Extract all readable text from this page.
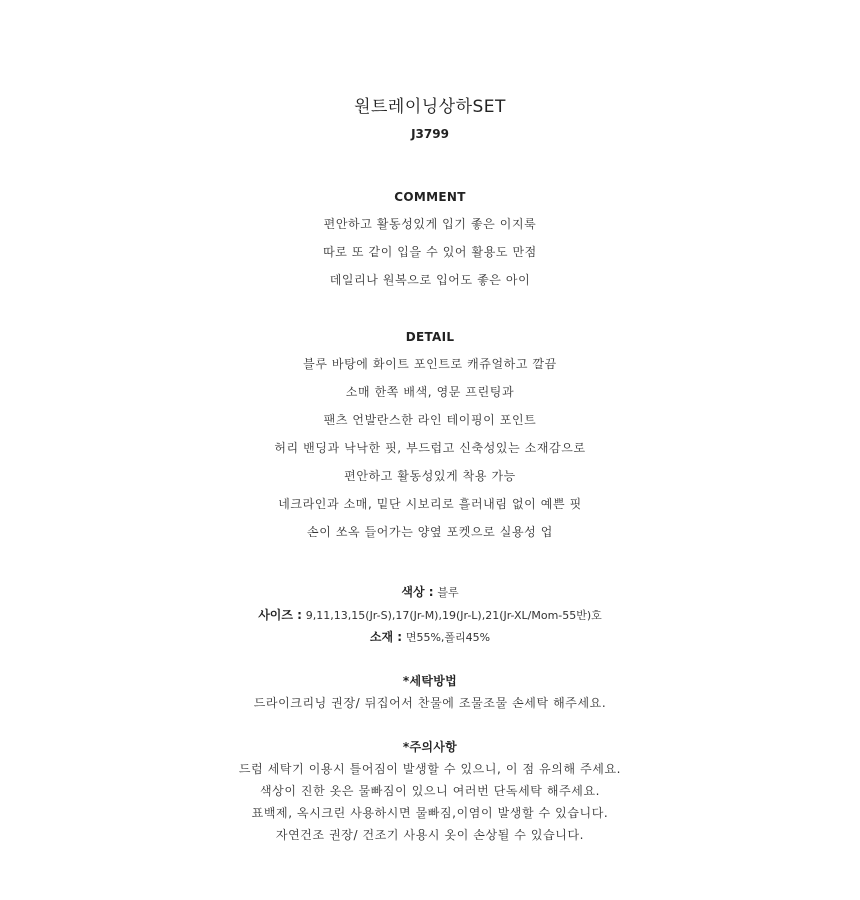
원트레이닝상하SET
J3799
COMMENT
편안하고 활동성있게 입기 좋은 이지룩
따로 또 같이 입을 수 있어 활용도 만점
데일리나 원복으로 입어도 좋은 아이
DETAIL
블루 바탕에 화이트 포인트로 캐쥬얼하고 깔끔
소매 한쪽 배색, 영문 프린팅과
팬츠 언발란스한 라인 테이핑이 포인트
허리 밴딩과 낙낙한 핏, 부드럽고 신축성있는 소재감으로
편안하고 활동성있게 착용 가능
네크라인과 소매, 밑단 시보리로 흘러내림 없이 예쁜 핏
손이 쏘옥 들어가는 양옆 포켓으로 실용성 업
색상 : 블루
사이즈 : 9,11,13,15(Jr-S),17(Jr-M),19(Jr-L),21(Jr-XL/Mom-55반)호
소재 : 면55%,폴리45%
*세탁방법
드라이크리닝 권장/ 뒤집어서 찬물에 조물조물 손세탁 해주세요.
*주의사항
드럼 세탁기 이용시 틀어짐이 발생할 수 있으니, 이 점 유의해 주세요.
색상이 진한 옷은 물빠짐이 있으니 여러번 단독세탁 해주세요.
표백제, 옥시크린 사용하시면 물빠짐,이염이 발생할 수 있습니다.
자연건조 권장/ 건조기 사용시 옷이 손상될 수 있습니다.
